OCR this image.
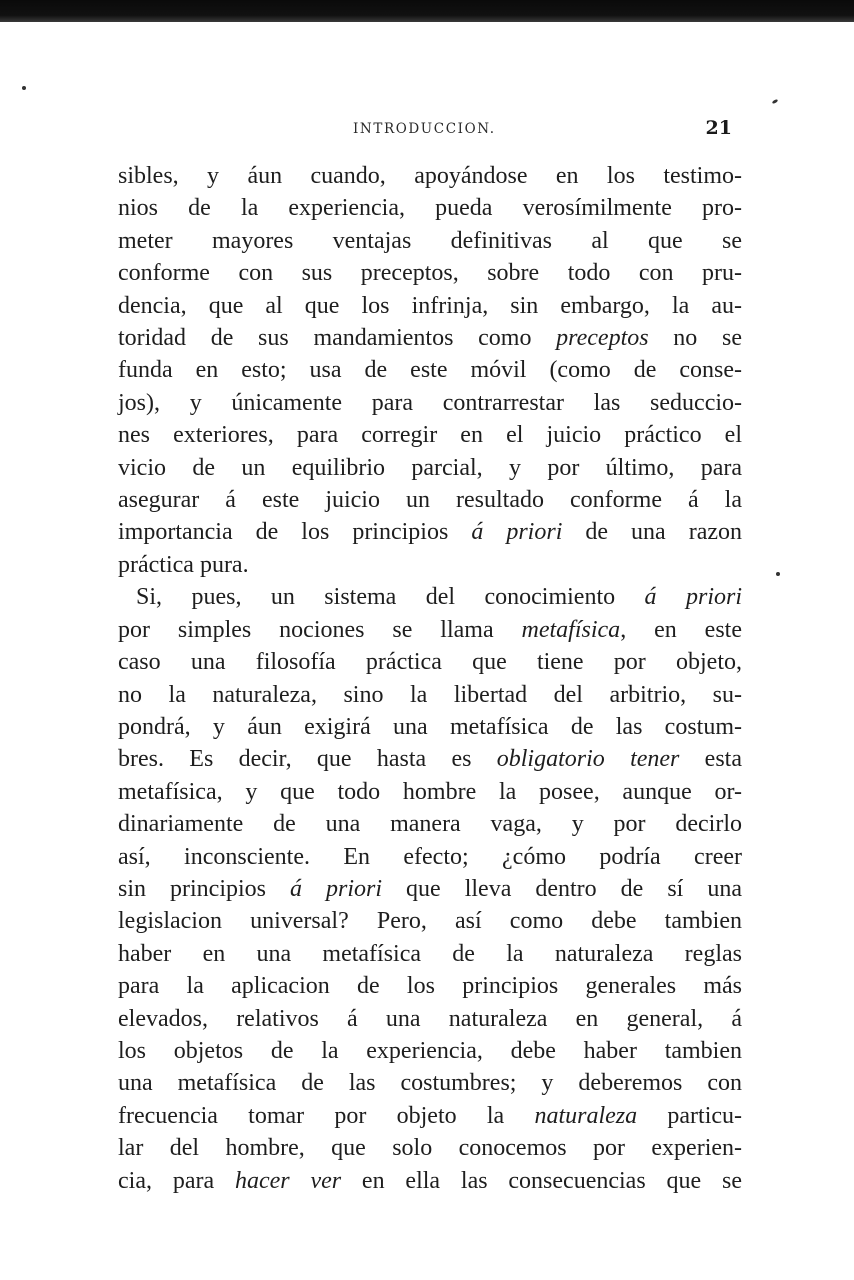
INTRODUCCION.	21
sibles, y áun cuando, apoyándose en los testimo-
nios de la experiencia, pueda verosímilmente pro-
meter mayores ventajas definitivas al que se
conforme con sus preceptos, sobre todo con pru-
dencia, que al que los infrinja, sin embargo, la au-
toridad de sus mandamientos como preceptos no se
funda en esto; usa de este móvil (como de conse-
jos), y únicamente para contrarrestar las seduccio-
nes exteriores, para corregir en el juicio práctico el
vicio de un equilibrio parcial, y por último, para
asegurar á este juicio un resultado conforme á la
importancia de los principios á priori de una razon
práctica pura.
Si, pues, un sistema del conocimiento á priori
por simples nociones se llama metafísica, en este
caso una filosofía práctica que tiene por objeto,
no la naturaleza, sino la libertad del arbitrio, su-
pondrá, y áun exigirá una metafísica de las costum-
bres. Es decir, que hasta es obligatorio tener esta
metafísica, y que todo hombre la posee, aunque or-
dinariamente de una manera vaga, y por decirlo
así, inconsciente. En efecto; ¿cómo podría creer
sin principios á priori que lleva dentro de sí una
legislacion universal? Pero, así como debe tambien
haber en una metafísica de la naturaleza reglas
para la aplicacion de los principios generales más
elevados, relativos á una naturaleza en general, á
los objetos de la experiencia, debe haber tambien
una metafísica de las costumbres; y deberemos con
frecuencia tomar por objeto la naturaleza particu-
lar del hombre, que solo conocemos por experien-
cia, para hacer ver en ella las consecuencias que se
